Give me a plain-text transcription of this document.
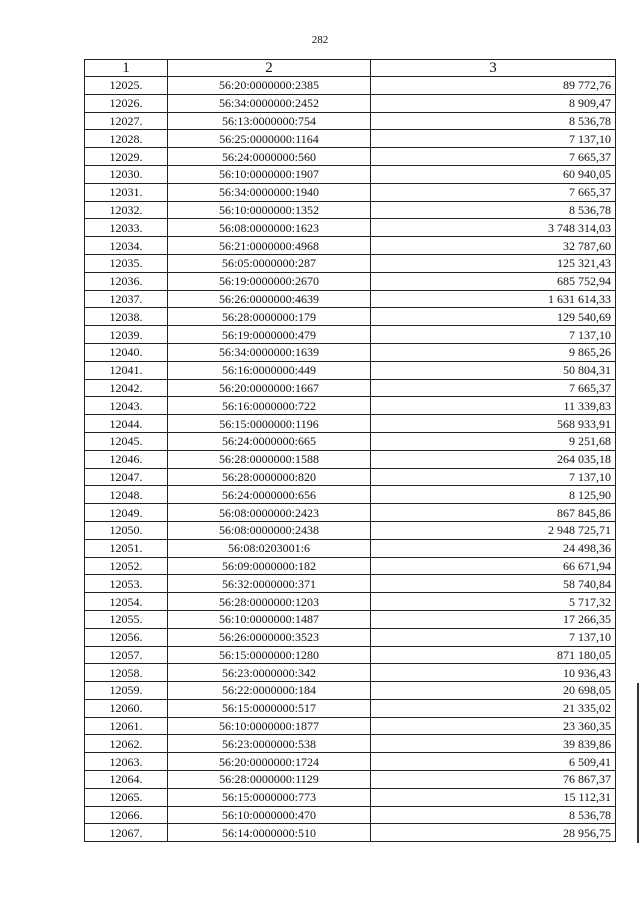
282
1	2	3
12025.	56:20:0000000:2385	89 772,76
12026.	56:34:0000000:2452	8 909,47
12027.	56:13:0000000:754	8 536,78
12028.	56:25:0000000:1164	7 137,10
12029.	56:24:0000000:560	7 665,37
12030.	56:10:0000000:1907	60 940,05
12031.	56:34:0000000:1940	7 665,37
12032.	56:10:0000000:1352	8 536,78
12033.	56:08:0000000:1623	3 748 314,03
12034.	56:21:0000000:4968	32 787,60
12035.	56:05:0000000:287	125 321,43
12036.	56:19:0000000:2670	685 752,94
12037.	56:26:0000000:4639	1 631 614,33
12038.	56:28:0000000:179	129 540,69
12039.	56:19:0000000:479	7 137,10
12040.	56:34:0000000:1639	9 865,26
12041.	56:16:0000000:449	50 804,31
12042.	56:20:0000000:1667	7 665,37
12043.	56:16:0000000:722	11 339,83
12044.	56:15:0000000:1196	568 933,91
12045.	56:24:0000000:665	9 251,68
12046.	56:28:0000000:1588	264 035,18
12047.	56:28:0000000:820	7 137,10
12048.	56:24:0000000:656	8 125,90
12049.	56:08:0000000:2423	867 845,86
12050.	56:08:0000000:2438	2 948 725,71
12051.	56:08:0203001:6	24 498,36
12052.	56:09:0000000:182	66 671,94
12053.	56:32:0000000:371	58 740,84
12054.	56:28:0000000:1203	5 717,32
12055.	56:10:0000000:1487	17 266,35
12056.	56:26:0000000:3523	7 137,10
12057.	56:15:0000000:1280	871 180,05
12058.	56:23:0000000:342	10 936,43
12059.	56:22:0000000:184	20 698,05
12060.	56:15:0000000:517	21 335,02
12061.	56:10:0000000:1877	23 360,35
12062.	56:23:0000000:538	39 839,86
12063.	56:20:0000000:1724	6 509,41
12064.	56:28:0000000:1129	76 867,37
12065.	56:15:0000000:773	15 112,31
12066.	56:10:0000000:470	8 536,78
12067.	56:14:0000000:510	28 956,75
